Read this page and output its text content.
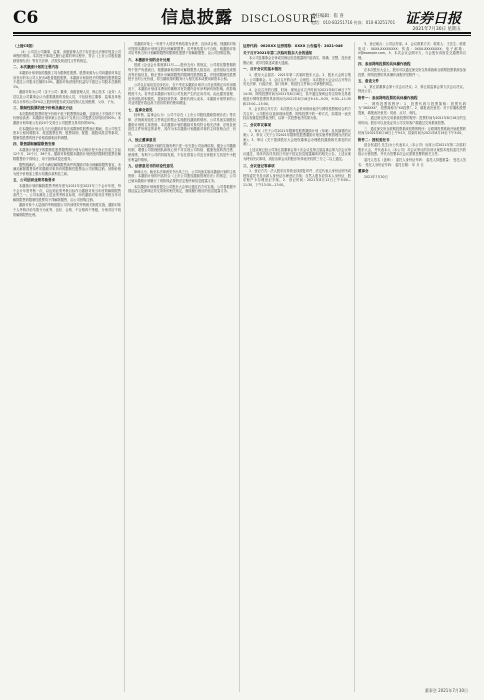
C6	信息披露 DISCLOSURE
责任编辑：崔 喜
电话：010-83251716 传真：010-83251701 证券日报
2021年7月30日 星期五
（上接C5版）

（4）公司及公司董事、监事、高级管理人员不存在违反法律法规及公司章程的情形。本次授予事项已履行必要的审议程序，符合《上市公司股权激励管理办法》等有关法律、法规及规范性文件的规定。

二、本次激励计划的主要内容

本激励计划采取的激励工具为限制性股票。股票来源为公司向激励对象定向发行的本公司人民币A股普通股股票。本激励计划拟授予的限制性股票数量不超过公司股本总额的10%，激励对象获授的权益均不超过公司股本总额的1%。

激励对象为公司（含子公司）董事、高级管理人员、核心技术（业务）人员以及公司董事会认为需要激励的其他人员，不包括独立董事、监事及单独或合计持有公司5%以上股份的股东或实际控制人及其配偶、父母、子女。

三、限制性股票的授予价格及确定方法

本次限制性股票的授予价格不低于股票票面金额，且原则上不得低于下列价格较高者：本激励计划草案公告前1个交易日公司股票交易均价的50%；本激励计划草案公告前20个交易日公司股票交易均价的50%。

在本激励计划公告当日至激励对象完成限制性股票登记期间，若公司发生资本公积转增股本、派送股票红利、股票拆细、配股、缩股或派息等事项，限制性股票的授予价格将做相应的调整。

四、限售期和解除限售安排

本激励计划授予的限制性股票限售期分别为自相应授予登记完成之日起12个月、24个月、36个月。激励对象根据本激励计划获授的限制性股票在解除限售前不得转让、用于担保或偿还债务。

限售期满后，公司为满足解除限售条件的激励对象办理解除限售事宜，未满足解除限售条件的激励对象持有的限制性股票由公司回购注销，回购价格为授予价格加上银行同期存款利息之和。

五、公司层面业绩考核要求

本激励计划的解除限售考核年度为2021年至2023年三个会计年度，每个会计年度考核一次，以达到业绩考核目标作为激励对象当年度的解除限售条件之一。公司未满足上述业绩考核目标的，所有激励对象对应考核当年可解除限售的限制性股票均不得解除限售，由公司回购注销。

激励对象个人层面的考核根据公司内部绩效考核相关制度实施，激励对象个人考核评价结果分为优秀、良好、合格、不合格四个等级，分别对应不同的解除限售比例。

若激励对象上一年度个人绩效考核结果为优秀、良好或合格，则激励对象可按照本激励计划规定的比例解除限售；若考核结果为不合格，则激励对象对应考核当年计划解除限售的限制性股票不得解除限售，由公司回购注销。

六、本激励计划的会计处理

按照《企业会计准则第11号——股份支付》的规定，公司将在限售期的每个资产负债表日，根据最新取得的可解除限售人数变动、业绩指标完成情况等后续信息，修正预计可解除限售的限制性股票数量，并按照限制性股票授予日的公允价值，将当期取得的服务计入相关成本或费用和资本公积。

公司以目前信息初步估计，在不考虑本激励计划对公司业绩的正向作用情况下，本激励计划成本费用的摊销对有效期内各年净利润有所影响，但影响程度不大。若考虑本激励计划对公司发展产生的正向作用，由此激发管理、业务团队的积极性，提高经营效率，降低代理人成本，本激励计划带来的公司业绩提升将远高于因其带来的费用增加。

七、监事会意见

经审核，监事会认为：公司不存在《上市公司股权激励管理办法》等法律、法规和规范性文件规定的禁止实施股权激励的情形，公司具备实施股权激励计划的主体资格。本次激励计划的激励对象均符合相关法律、法规及规范性文件所规定的条件，其作为本次激励计划激励对象的主体资格合法、有效。

八、独立董事意见

公司本次激励计划的实施有利于进一步完善公司治理结构，健全公司激励机制，增强公司管理团队和核心骨干对实现公司持续、健康发展的责任感、使命感，有利于公司的持续发展，不存在损害公司及全体股东尤其是中小股东利益的情形。

九、法律意见书的结论性意见

律师认为，截至本法律意见书出具之日，公司具备实施本激励计划的主体资格；本激励计划的内容符合《上市公司股权激励管理办法》的规定；公司已就本激励计划履行了现阶段必要的法定程序和信息披露义务。

本次激励计划尚需提交公司股东大会审议通过后方可实施。公司将根据中国证监会及深圳证券交易所的相关规定，继续履行相应的信息披露义务。

证券代码：002XXX 证券简称：XXXX 公告编号：2021-046
关于召开2021年第二次临时股东大会的通知

本公司及董事会全体成员保证信息披露的内容真实、准确、完整，没有虚假记载、误导性陈述或重大遗漏。

一、召开会议的基本情况

1、股东大会届次：2021年第二次临时股东大会。2、股东大会的召集人：公司董事会。3、会议召开的合法、合规性：本次股东大会会议召开符合有关法律、行政法规、部门规章、规范性文件和公司章程的规定。

4、会议召开的日期、时间：现场会议召开时间为2021年8月16日下午14:30；网络投票时间为2021年8月16日，其中通过深圳证券交易所交易系统进行网络投票的具体时间为2021年8月16日9:15—9:25，9:30—11:30和13:00—15:00。

5、会议的召开方式：本次股东大会采用现场表决与网络投票相结合的方式召开。公司股东应选择现场投票、网络投票中的一种方式，如果同一表决权出现重复投票表决的，以第一次投票表决结果为准。

二、会议审议事项

1、审议《关于公司2021年限制性股票激励计划（草案）及其摘要的议案》；2、审议《关于公司2021年限制性股票激励计划实施考核管理办法的议案》；3、审议《关于提请股东大会授权董事会办理股权激励相关事宜的议案》。

上述议案已经公司第五届董事会第十次会议及第五届监事会第九次会议审议通过，具体内容详见同日刊登于指定信息披露媒体的相关公告。上述议案为特别决议事项，须经出席会议的股东所持表决权的三分之二以上通过。

三、会议登记等事项

1、登记方式：法人股东应持营业执照复印件、法定代表人身份证明书或授权委托书及出席人身份证办理登记手续；自然人股东应持本人身份证、股东账户卡办理登记手续。2、登记时间：2021年8月12日上午9:00—11:30，下午13:30—17:00。

3、登记地点：公司证券部。4、会议联系方式：联系人：王先生；联系电话：0XXX-XXXXXXXX；传真：0XXX-XXXXXXXX；电子邮箱：ir@example.com。5、本次会议会期半天，与会股东食宿及交通费用自理。

四、参加网络投票的具体操作流程

在本次股东大会上，股东可以通过深交所交易系统和互联网投票系统参加投票，网络投票的具体操作流程详见附件一。

五、备查文件

1、第五届董事会第十次会议决议；2、第五届监事会第九次会议决议。特此公告。

附件一：参加网络投票的具体操作流程

一、网络投票的程序：1、投票代码与投票简称：投票代码为“36XXXX”，投票简称为“XX投票”。2、填报表决意见：对于非累积投票提案，填报表决意见：同意、反对、弃权。

二、通过深交所交易系统投票的程序：投票时间为2021年8月16日的交易时间。股东可以登录证券公司交易客户端通过交易系统投票。

三、通过深交所互联网投票系统投票的程序：互联网投票系统开始投票的时间为2021年8月16日上午9:15，结束时间为2021年8月16日下午3:00。

附件二：授权委托书

兹全权委托 先生/女士代表本人（本公司）出席公司2021年第二次临时股东大会，并代表本人（本公司）对会议审议的各项议案按本授权委托书的指示行使投票，并代为签署本次会议需要签署的相关文件。

委托人签名（盖章）： 委托人身份证号码： 委托人持股数量： 受托人签名： 受托人身份证号码： 委托日期： 年 月 日

董事会

2021年7月30日

董事会 2021年7月30日
